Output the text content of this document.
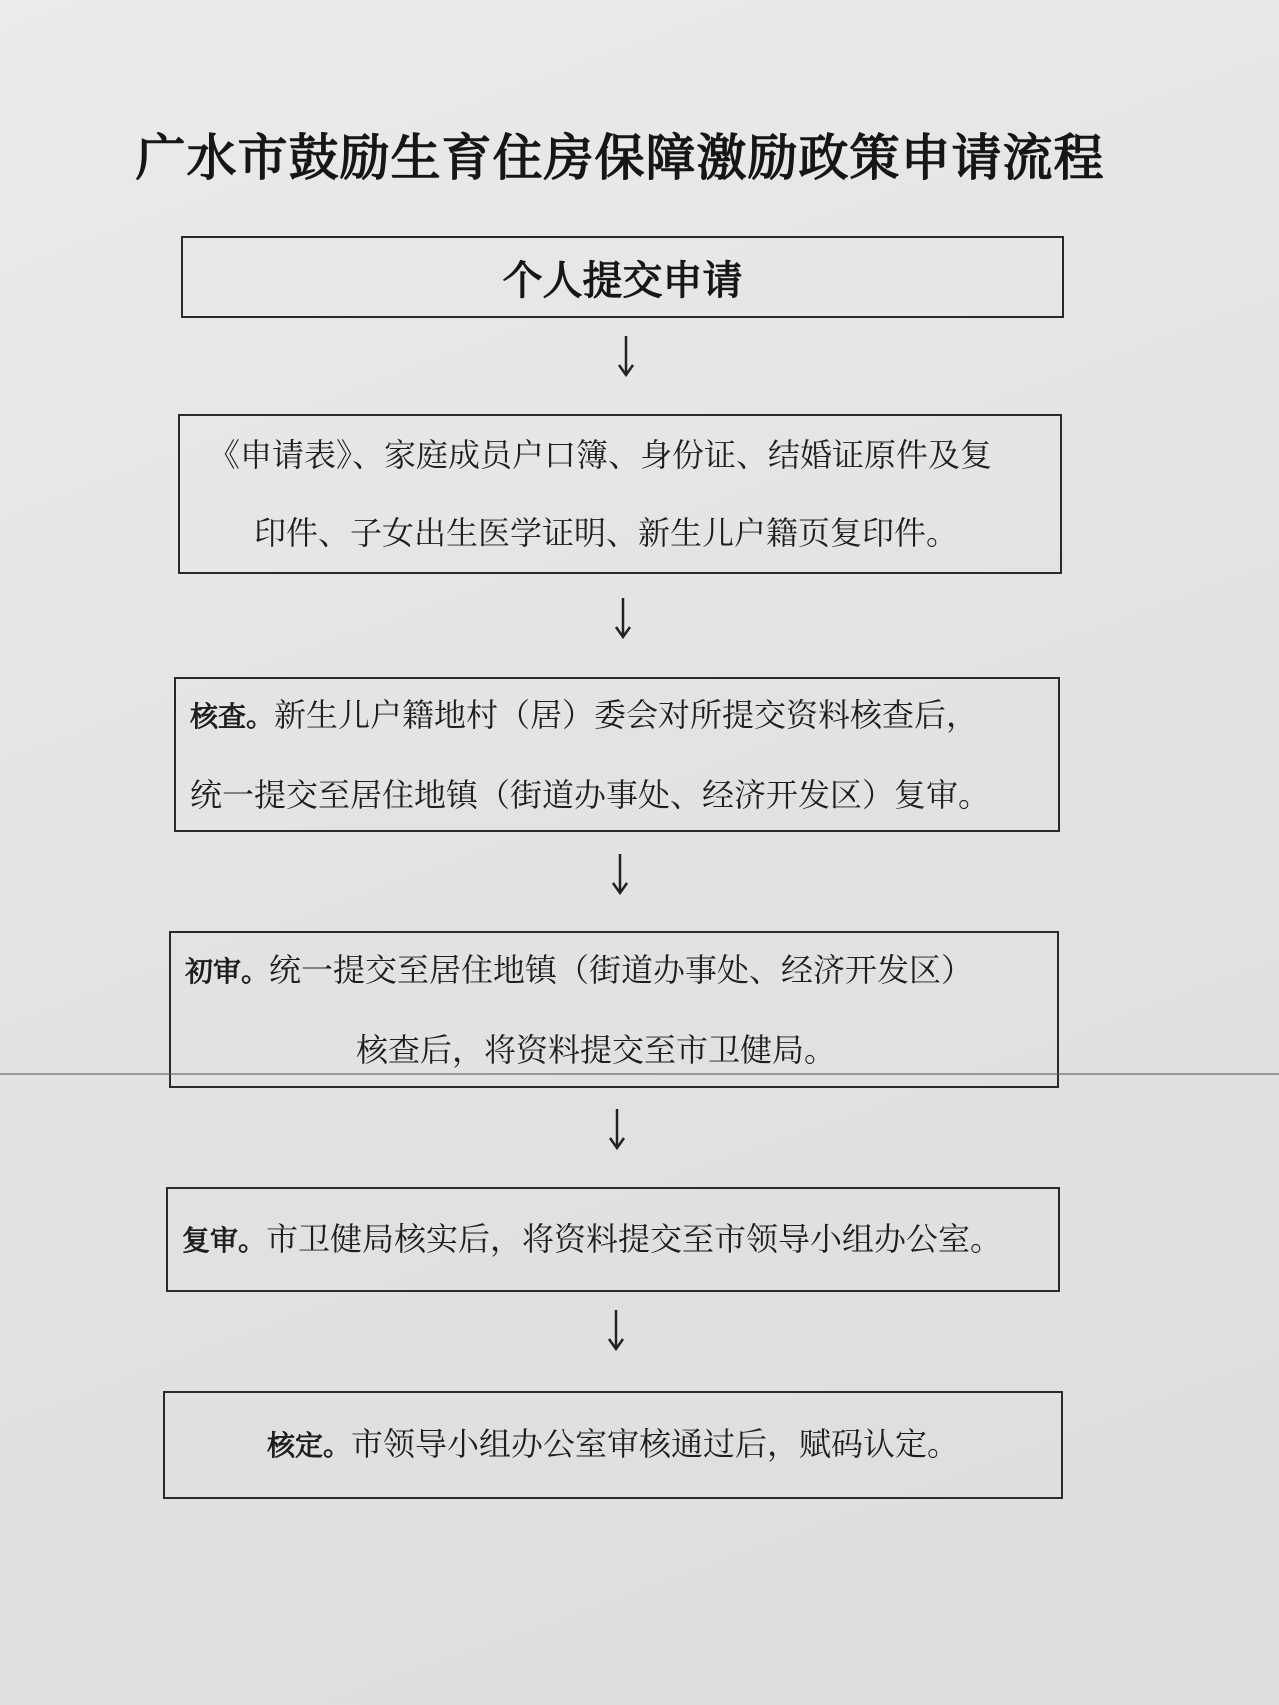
广水市鼓励生育住房保障激励政策申请流程
个人提交申请
《申请表》、家庭成员户口簿、身份证、结婚证原件及复
印件、子女出生医学证明、新生儿户籍页复印件。
核查。新生儿户籍地村（居）委会对所提交资料核查后，
统一提交至居住地镇（街道办事处、经济开发区）复审。
初审。统一提交至居住地镇（街道办事处、经济开发区）
核查后，将资料提交至市卫健局。
复审。市卫健局核实后，将资料提交至市领导小组办公室。
核定。市领导小组办公室审核通过后，赋码认定。
